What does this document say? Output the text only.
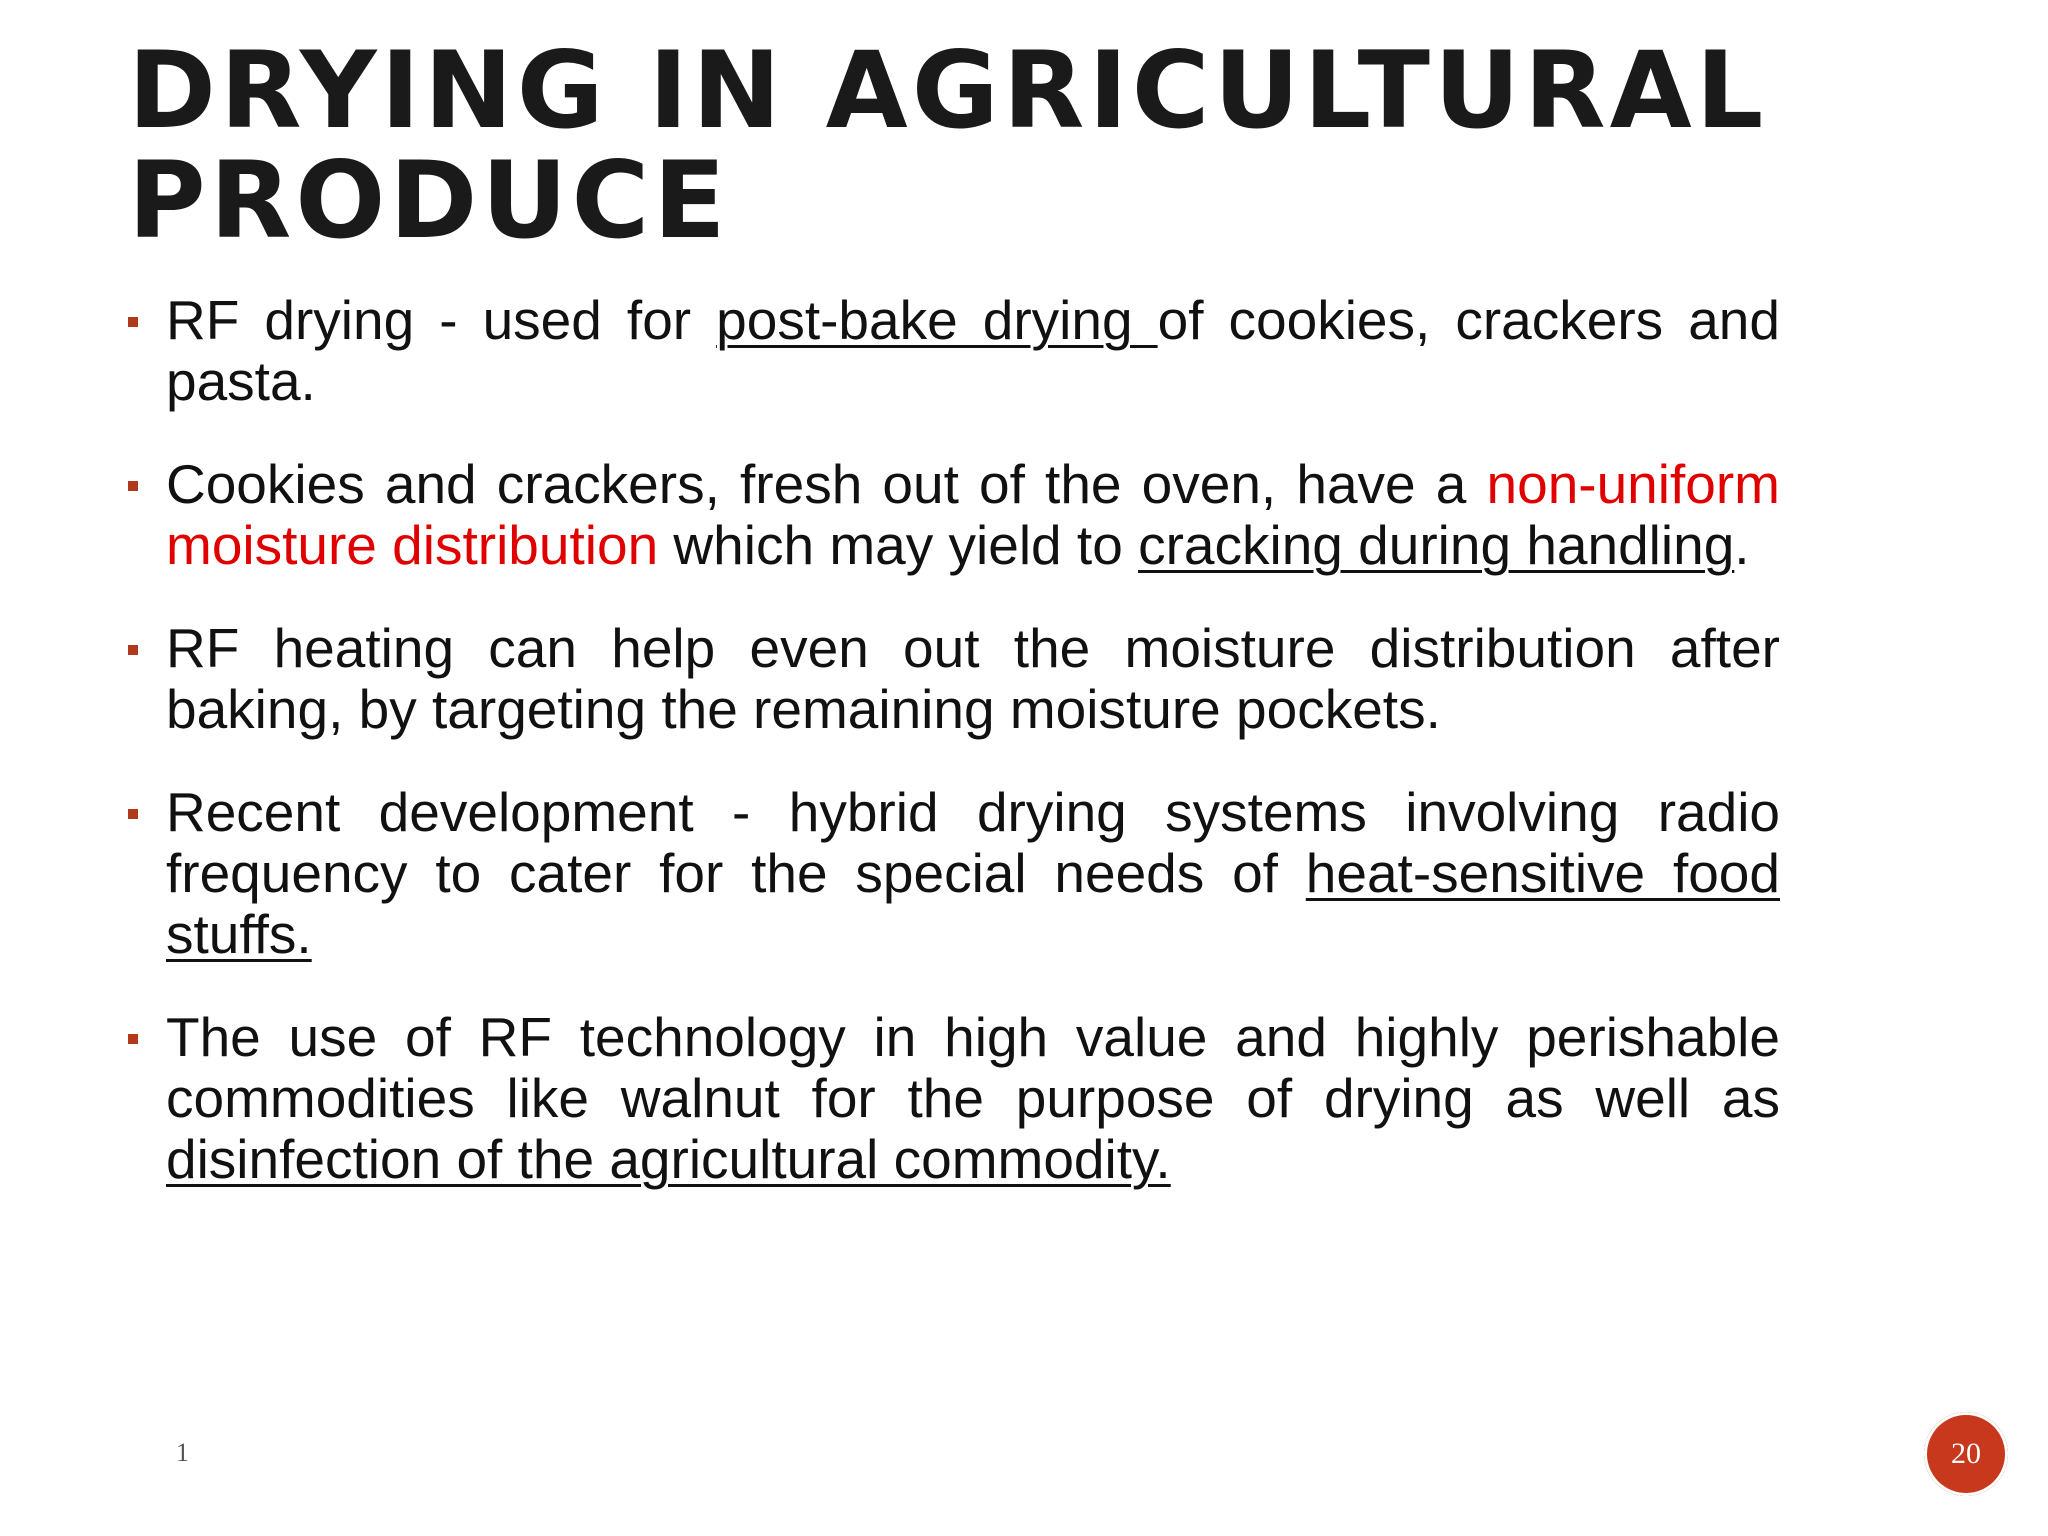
DRYING IN AGRICULTURAL
PRODUCE
RF drying - used for post-bake drying of cookies, crackers and pasta.
Cookies and crackers, fresh out of the oven, have a non-uniform moisture distribution which may yield to cracking during handling.
RF heating can help even out the moisture distribution after baking, by targeting the remaining moisture pockets.
Recent development - hybrid drying systems involving radio frequency to cater for the special needs of heat-sensitive food stuffs.
The use of RF technology in high value and highly perishable commodities like walnut for the purpose of drying as well as disinfection of the agricultural commodity.
1	20
